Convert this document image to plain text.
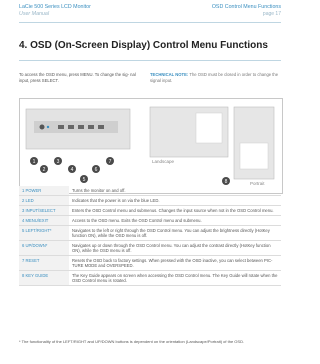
LaCie 500 Series LCD Monitor
User Manual
OSD Control Menu Functions
page 17
4. OSD (On-Screen Display) Control Menu Functions
To access the OSD menu, press MENU. To change the sig- nal input, press SELECT.
TECHNICAL NOTE: The OSD must be closed in order to change the signal input.
Landscape
Portrait
1
2
3
4
5
6
7
8
1 POWER	Turns the monitor on and off.
2 LED	Indicates that the power is on via the blue LED.
3 INPUT/SELECT	Enters the OSD Control menu and submenus. Changes the input source when not in the OSD Control menu.
4 MENU/EXIT	Access to the OSD menu. Exits the OSD Control menu and submenu.
5 LEFT/RIGHT*	Navigates to the left or right through the OSD Control menu. You can adjust the brightness directly (HotKey function ON), while the OSD menu is off.
6 UP/DOWN*	Navigates up or down through the OSD Control menu. You can adjust the contrast directly (HotKey function ON), while the OSD menu is off.
7 RESET	Resets the OSD back to factory settings. When pressed with the OSD inactive, you can select between PIC- TURE MODE and OVERSPEED.
8 KEY GUIDE	The Key Guide appears on screen when accessing the OSD Control menu. The Key Guide will rotate when the OSD Control menu is rotated.
* The functionality of the LEFT/RIGHT and UP/DOWN buttons is dependent on the orientation (Landscape/Portrait) of the OSD.
